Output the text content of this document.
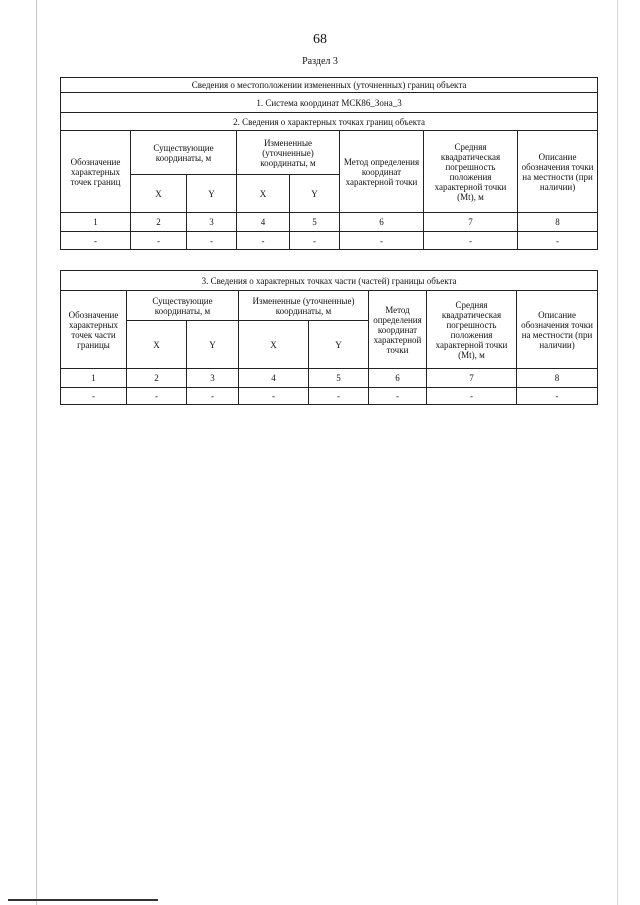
68
Раздел 3
Сведения о местоположении измененных (уточненных) границ объекта							
1. Система координат МСК86_Зона_3							
2. Сведения о характерных точках границ объекта							
Обозначение характерных точек границ	Существующие координаты, м		Измененные (уточненные) координаты, м		Метод определения координат характерной точки	Средняя квадратическая погрешность положения характерной точки (Mt), м	Описание обозначения точки на местности (при наличии)
	X	Y	X	Y			
1	2	3	4	5	6	7	8
-	-	-	-	-	-	-	-
3. Сведения о характерных точках части (частей) границы объекта							
Обозначение характерных точек части границы	Существующие координаты, м		Измененные (уточненные) координаты, м		Метод определения координат характерной точки	Средняя квадратическая погрешность положения характерной точки (Mt), м	Описание обозначения точки на местности (при наличии)
	X	Y	X	Y			
1	2	3	4	5	6	7	8
-	-	-	-	-	-	-	-
